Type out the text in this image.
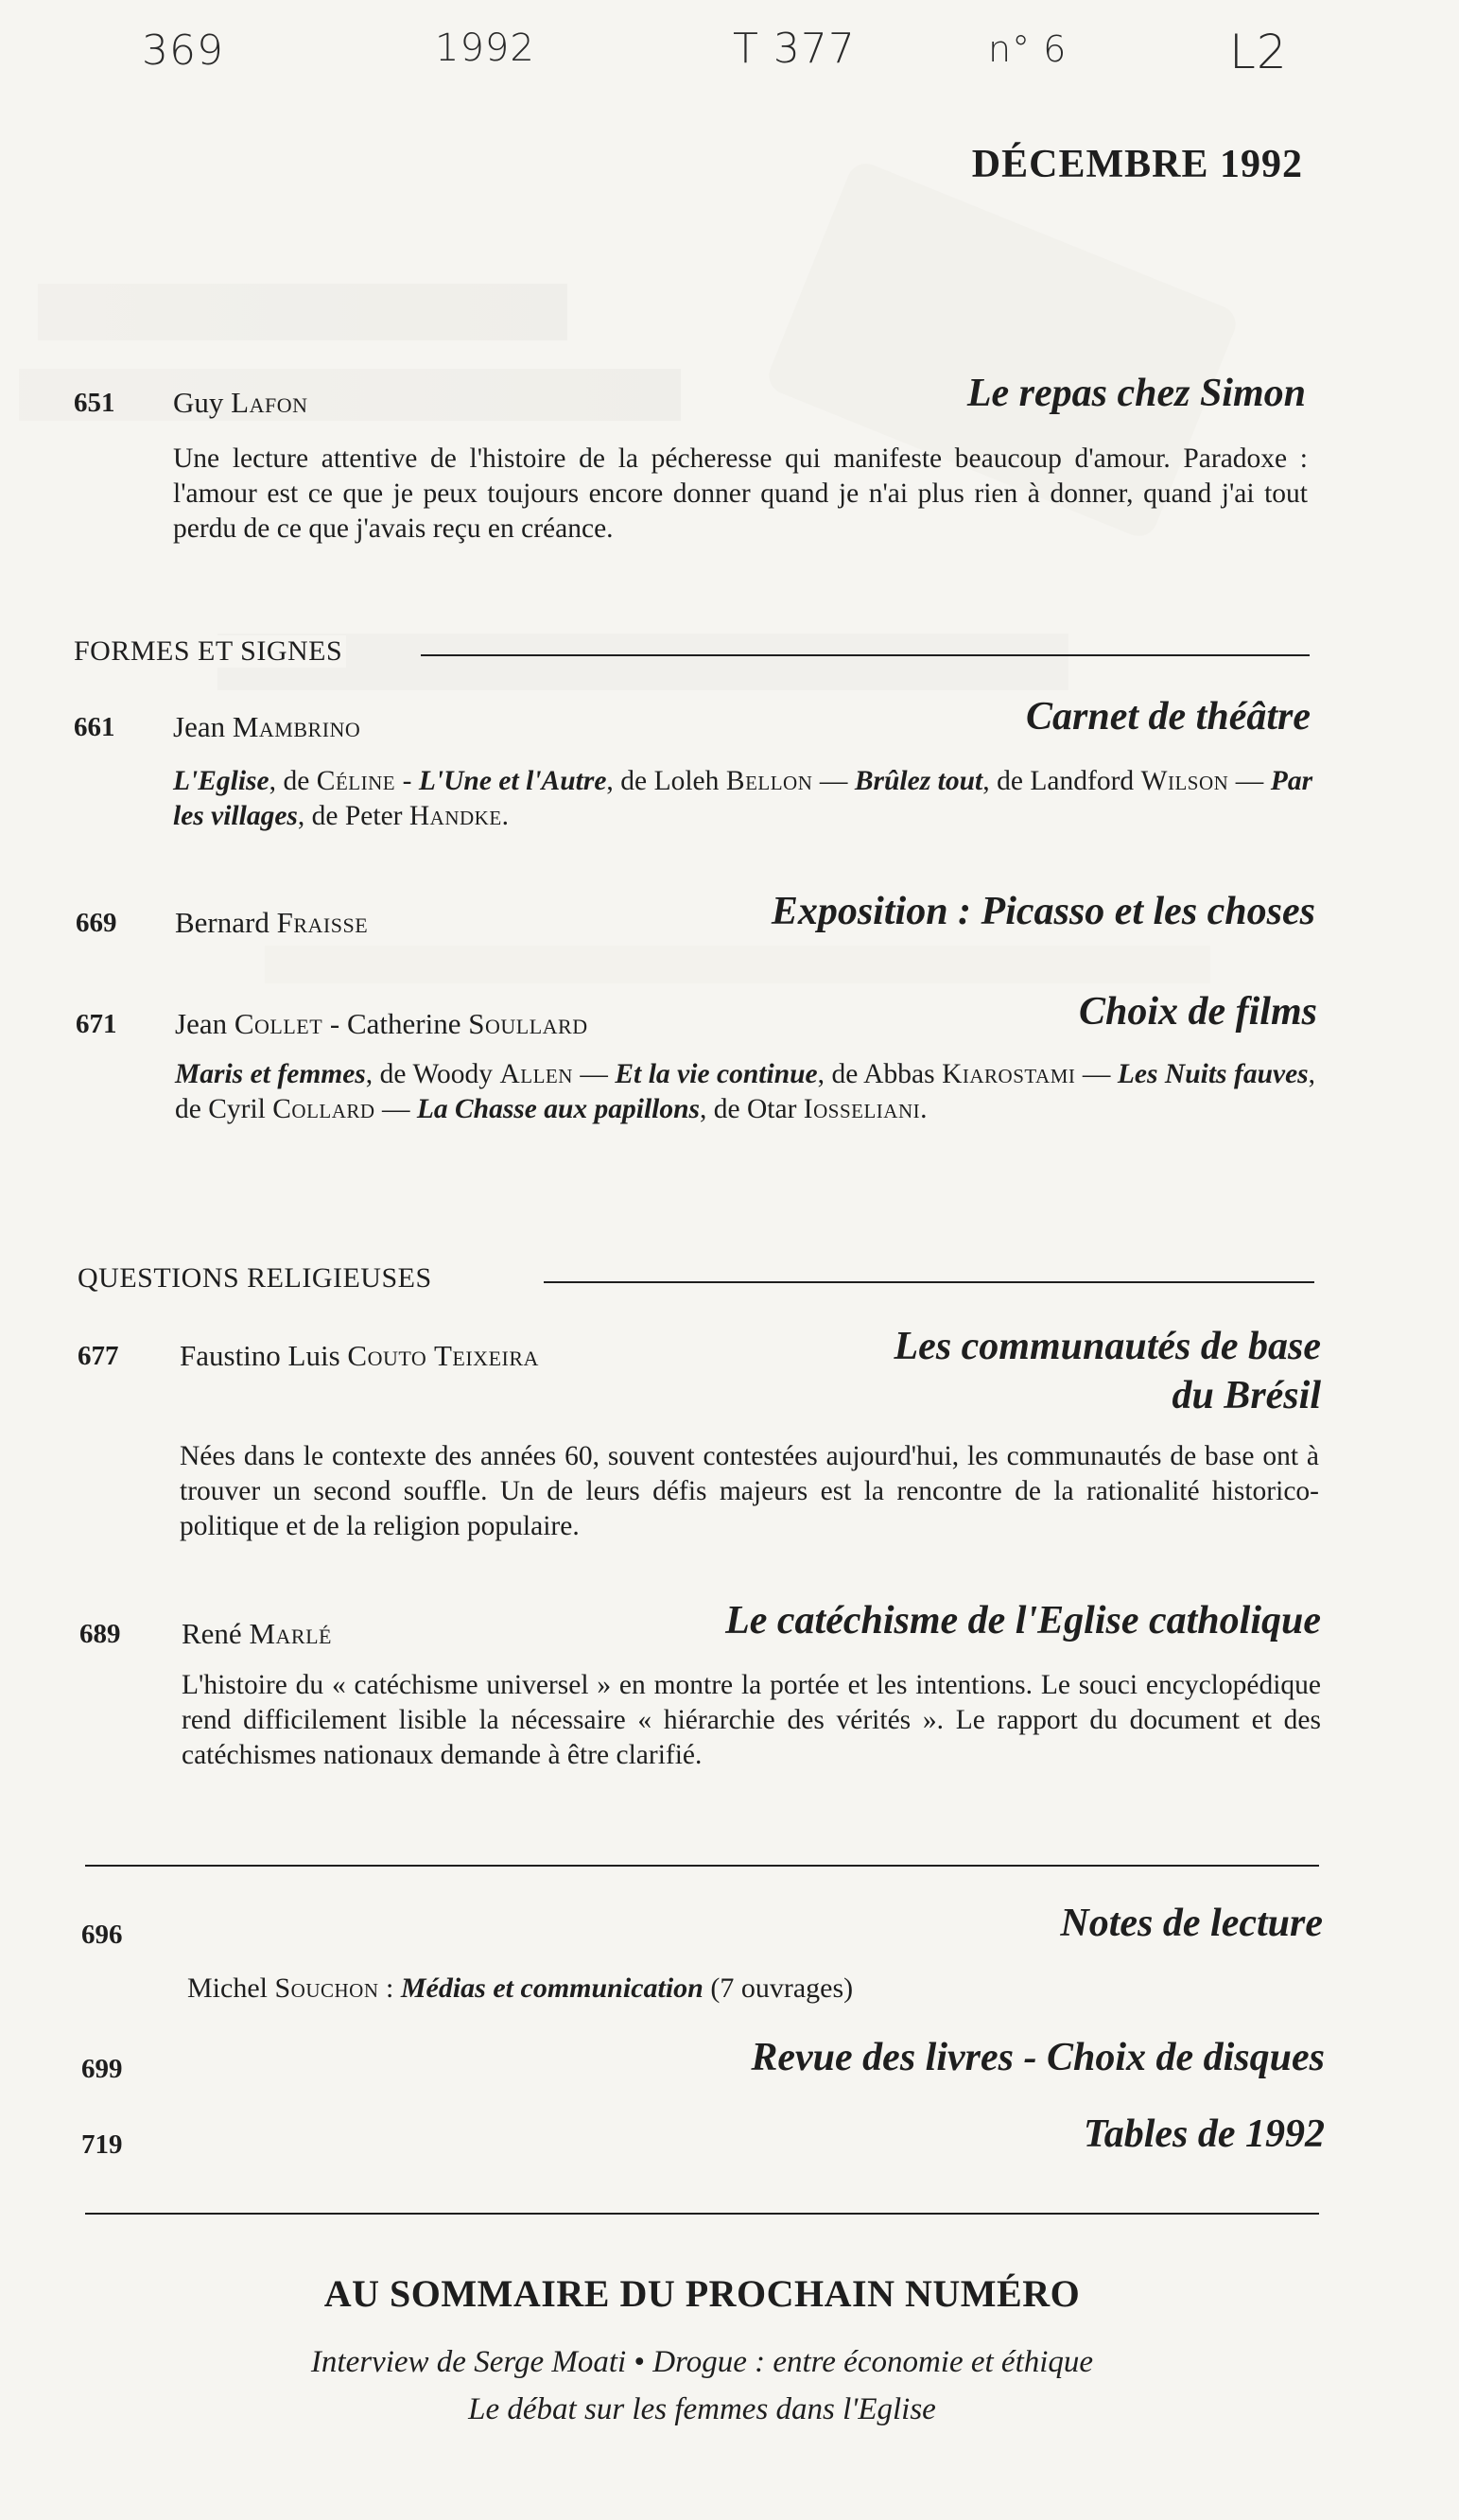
369	1992	T 377	n° 6	L2
DÉCEMBRE 1992
651 Guy Lafon	Le repas chez Simon
Une lecture attentive de l'histoire de la pécheresse qui manifeste beaucoup d'amour. Paradoxe : l'amour est ce que je peux toujours encore donner quand je n'ai plus rien à donner, quand j'ai tout perdu de ce que j'avais reçu en créance.
FORMES ET SIGNES
661 Jean Mambrino	Carnet de théâtre
L'Eglise, de Céline - L'Une et l'Autre, de Loleh Bellon — Brûlez tout, de Landford Wilson — Par les villages, de Peter Handke.
669 Bernard Fraisse	Exposition : Picasso et les choses
671 Jean Collet - Catherine Soullard	Choix de films
Maris et femmes, de Woody Allen — Et la vie continue, de Abbas Kiarostami — Les Nuits fauves, de Cyril Collard — La Chasse aux papillons, de Otar Iosseliani.
QUESTIONS RELIGIEUSES
677 Faustino Luis Couto Teixeira	Les communautés de base
du Brésil
Nées dans le contexte des années 60, souvent contestées aujourd'hui, les communautés de base ont à trouver un second souffle. Un de leurs défis majeurs est la rencontre de la rationalité historico-politique et de la religion populaire.
689 René Marlé	Le catéchisme de l'Eglise catholique
L'histoire du « catéchisme universel » en montre la portée et les intentions. Le souci encyclopédique rend difficilement lisible la nécessaire « hiérarchie des vérités ». Le rapport du document et des catéchismes nationaux demande à être clarifié.
696	Notes de lecture
Michel Souchon : Médias et communication (7 ouvrages)
699	Revue des livres - Choix de disques
719	Tables de 1992
AU SOMMAIRE DU PROCHAIN NUMÉRO
Interview de Serge Moati • Drogue : entre économie et éthique
Le débat sur les femmes dans l'Eglise
